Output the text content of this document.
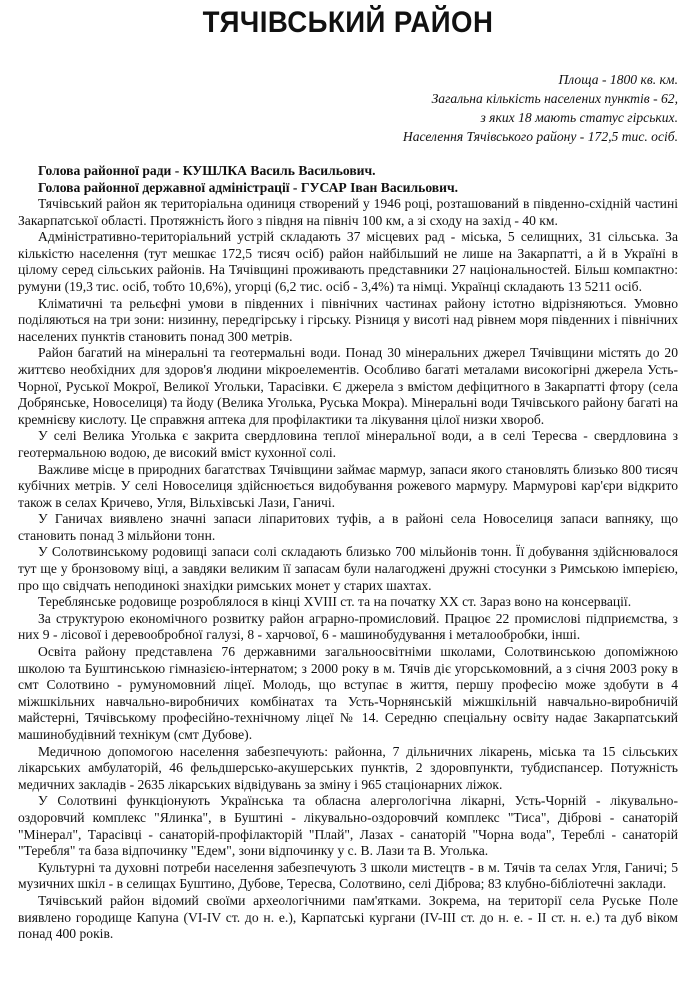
ТЯЧІВСЬКИЙ РАЙОН
Площа - 1800 кв. км.
Загальна кількість населених пунктів - 62,
з яких 18 мають статус гірських.
Населення Тячівського району - 172,5 тис. осіб.
Голова районної ради - КУШЛКА Василь Васильович.
Голова районної державної адміністрації - ГУСАР Іван Васильович.

Тячівський район як територіальна одиниця створений у 1946 році, розташований в південно-східній частині Закарпатської області. Протяжність його з півдня на північ 100 км, а зі сходу на захід - 40 км.

Адміністративно-територіальний устрій складають 37 місцевих рад - міська, 5 селищних, 31 сільська. За кількістю населення (тут мешкає 172,5 тисяч осіб) район найбільший не лише на Закарпатті, а й в Україні в цілому серед сільських районів. На Тячівщині проживають представники 27 національностей. Більш компактно: румуни (19,3 тис. осіб, тобто 10,6%), угорці (6,2 тис. осіб - 3,4%) та німці. Українці складають 13 5211 осіб.

Кліматичні та рельєфні умови в південних і північних частинах району істотно відрізняються. Умовно поділяються на три зони: низинну, передгірську і гірську. Різниця у висоті над рівнем моря південних і північних населених пунктів становить понад 300 метрів.

Район багатий на мінеральні та геотермальні води. Понад 30 мінеральних джерел Тячівщини містять до 20 життєво необхідних для здоров'я людини мікроелементів. Особливо багаті металами високогірні джерела Усть-Чорної, Руської Мокрої, Великої Угольки, Тарасівки. Є джерела з вмістом дефіцитного в Закарпатті фтору (села Добрянське, Новоселиця) та йоду (Велика Уголька, Руська Мокра). Мінеральні води Тячівського району багаті на кремнієву кислоту. Це справжня аптека для профілактики та лікування цілої низки хвороб.

У селі Велика Уголька є закрита свердловина теплої мінеральної води, а в селі Тересва - свердловина з геотермальною водою, де високий вміст кухонної солі.

Важливе місце в природних багатствах Тячівщини займає мармур, запаси якого становлять близько 800 тисяч кубічних метрів. У селі Новоселиця здійснюється видобування рожевого мармуру. Мармурові кар'єри відкрито також в селах Кричево, Угля, Вільхівські Лази, Ганичі.

У Ганичах виявлено значні запаси ліпаритових туфів, а в районі села Новоселиця запаси вапняку, що становить понад 3 мільйони тонн.

У Солотвинському родовищі запаси солі складають близько 700 мільйонів тонн. Її добування здійснювалося тут ще у бронзовому віці, а завдяки великим її запасам були налагоджені дружні стосунки з Римською імперією, про що свідчать неподинокі знахідки римських монет у старих шахтах.

Тереблянське родовище розроблялося в кінці XVIII ст. та на початку ХХ ст. Зараз воно на консервації.

За структурою економічного розвитку район аграрно-промисловий. Працює 22 промислові підприємства, з них 9 - лісової і деревообробної галузі, 8 - харчової, 6 - машинобудування і металообробки, інші.

Освіта району представлена 76 державними загальноосвітніми школами, Солотвинською допоміжною школою та Буштинською гімназією-інтернатом; з 2000 року в м. Тячів діє угорськомовний, а з січня 2003 року в смт Солотвино - румуномовний ліцеї. Молодь, що вступає в життя, першу професію може здобути в 4 міжшкільних навчально-виробничих комбінатах та Усть-Чорнянській міжшкільній навчально-виробничій майстерні, Тячівському професійно-технічному ліцеї № 14. Середню спеціальну освіту надає Закарпатський машинобудівний технікум (смт Дубове).

Медичною допомогою населення забезпечують: районна, 7 дільничних лікарень, міська та 15 сільських лікарських амбулаторій, 46 фельдшерсько-акушерських пунктів, 2 здоровпункти, тубдиспансер. Потужність медичних закладів - 2635 лікарських відвідувань за зміну і 965 стаціонарних ліжок.

У Солотвині функціонують Українська та обласна алергологічна лікарні, Усть-Чорній - лікувально-оздоровчий комплекс "Ялинка", в Буштині - лікувально-оздоровчий комплекс "Тиса", Діброві - санаторій "Мінерал", Тарасівці - санаторій-профілакторій "Плай", Лазах - санаторій "Чорна вода", Тереблі - санаторій "Теребля" та база відпочинку "Едем", зони відпочинку у с. В. Лази та В. Уголька.

Культурні та духовні потреби населення забезпечують 3 школи мистецтв - в м. Тячів та селах Угля, Ганичі; 5 музичних шкіл - в селищах Буштино, Дубове, Тересва, Солотвино, селі Діброва; 83 клубно-бібліотечні заклади.

Тячівський район відомий своїми археологічними пам'ятками. Зокрема, на території села Руське Поле виявлено городище Капуна (VI-IV ст. до н. е.), Карпатські кургани (IV-III ст. до н. е. - II ст. н. е.) та дуб віком понад 400 років.
